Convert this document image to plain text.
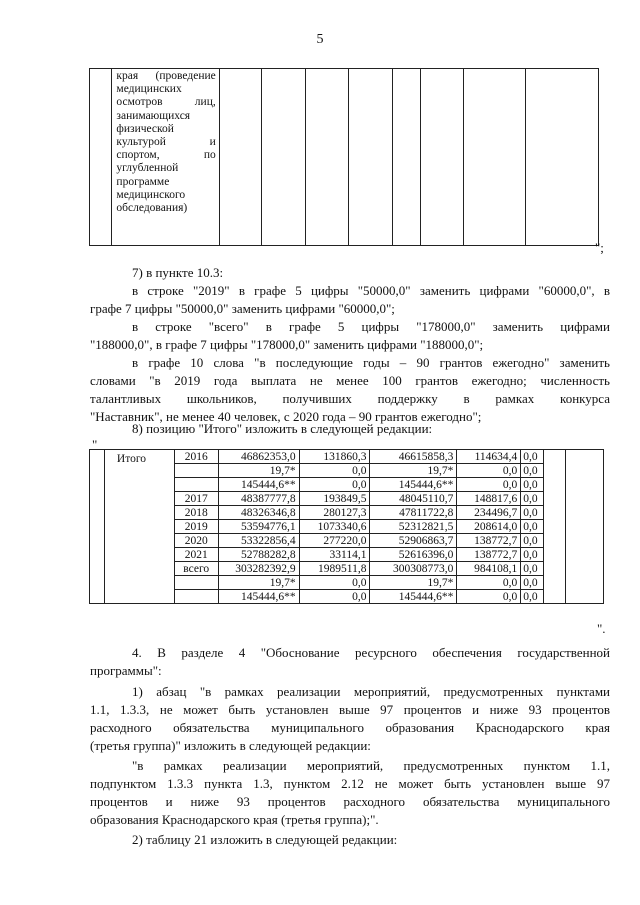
5

края (проведение медицинских осмотров лиц, занимающихся физической культурой и спортом, по углубленной программе медицинского обследования)

";
7) в пункте 10.3:
в строке "2019" в графе 5 цифры "50000,0" заменить цифрами "60000,0", в
графе 7 цифры "50000,0" заменить цифрами "60000,0";
в строке "всего" в графе 5 цифры "178000,0" заменить цифрами
"188000,0", в графе 7 цифры "178000,0" заменить цифрами "188000,0";
в графе 10 слова "в последующие годы – 90 грантов ежегодно" заменить
словами "в 2019 года выплата не менее 100 грантов ежегодно; численность
талантливых школьников, получивших поддержку в рамках конкурса
"Наставник", не менее 40 человек, с 2020 года – 90 грантов ежегодно";
8) позицию "Итого" изложить в следующей редакции:
"
	Итого	2016	46862353,0	131860,3	46615858,3	114634,4	0,0		
			19,7*	0,0	19,7*	0,0	0,0		
			145444,6**	0,0	145444,6**	0,0	0,0		
		2017	48387777,8	193849,5	48045110,7	148817,6	0,0		
		2018	48326346,8	280127,3	47811722,8	234496,7	0,0		
		2019	53594776,1	1073340,6	52312821,5	208614,0	0,0		
		2020	53322856,4	277220,0	52906863,7	138772,7	0,0		
		2021	52788282,8	33114,1	52616396,0	138772,7	0,0		
		всего	303282392,9	1989511,8	300308773,0	984108,1	0,0		
			19,7*	0,0	19,7*	0,0	0,0		
			145444,6**	0,0	145444,6**	0,0	0,0		
".
4. В разделе 4 "Обоснование ресурсного обеспечения государственной
программы":
1) абзац "в рамках реализации мероприятий, предусмотренных пунктами
1.1, 1.3.3, не может быть установлен выше 97 процентов и ниже 93 процентов
расходного обязательства муниципального образования Краснодарского края
(третья группа)" изложить в следующей редакции:
"в рамках реализации мероприятий, предусмотренных пунктом 1.1,
подпунктом 1.3.3 пункта 1.3, пунктом 2.12 не может быть установлен выше 97
процентов и ниже 93 процентов расходного обязательства муниципального
образования Краснодарского края (третья группа);".
2) таблицу 21 изложить в следующей редакции:
